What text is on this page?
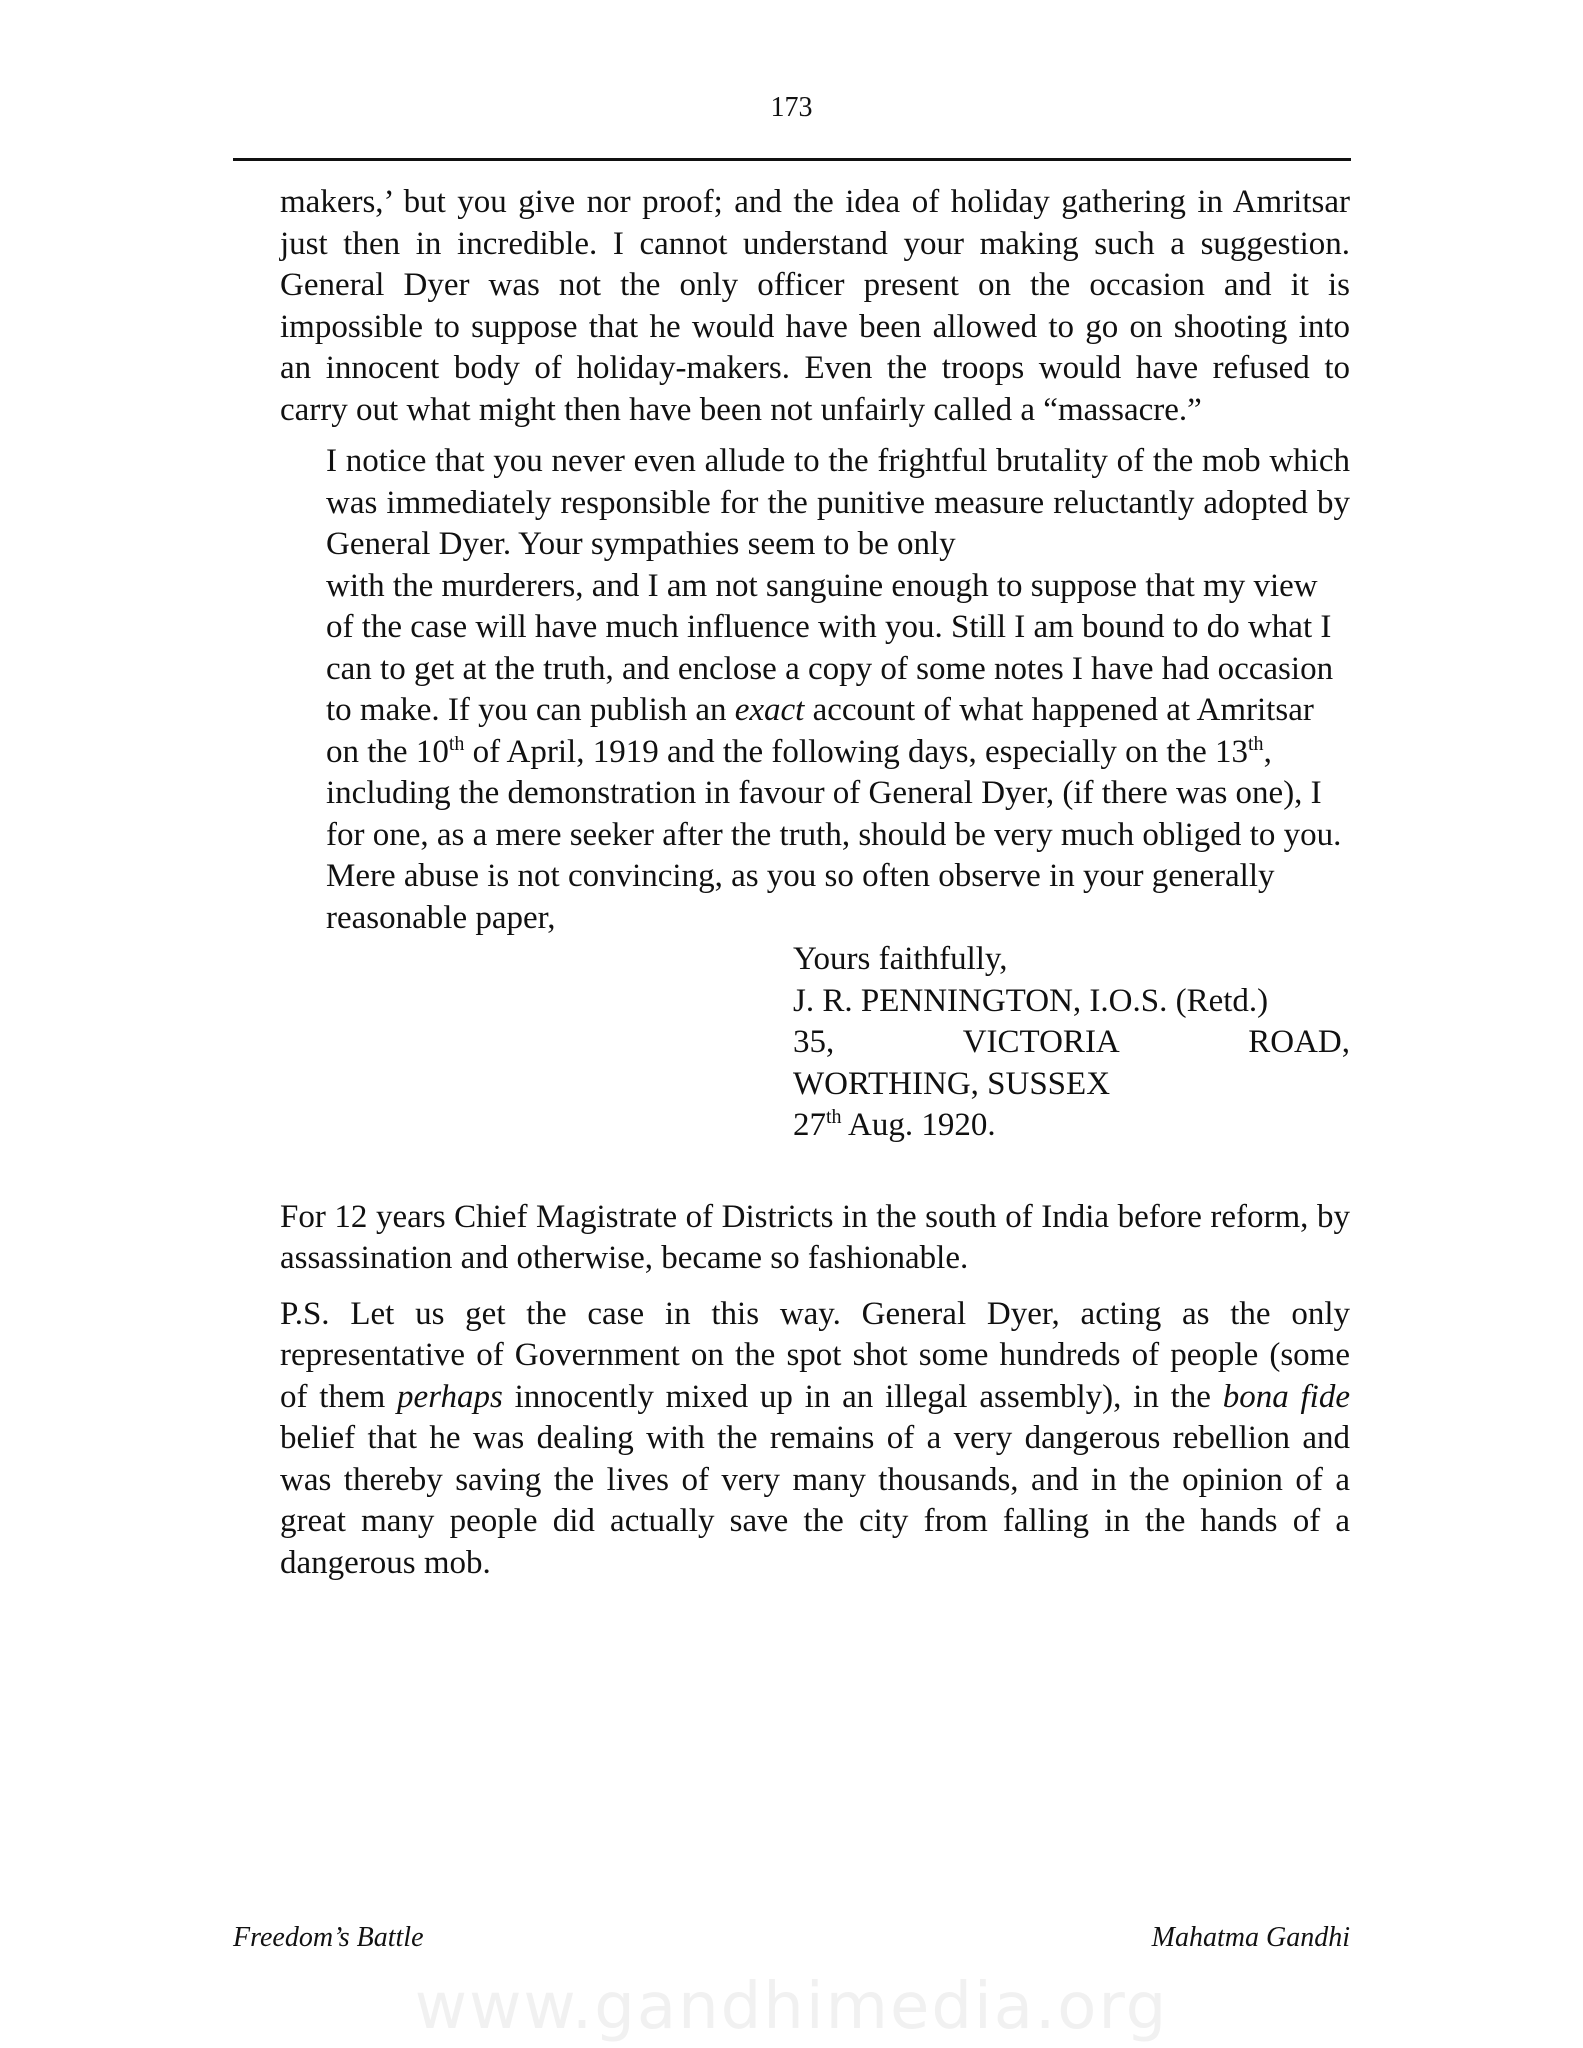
173

makers,’ but you give nor proof; and the idea of holiday gathering in Amritsar just then in incredible. I cannot understand your making such a suggestion. General Dyer was not the only officer present on the occasion and it is impossible to suppose that he would have been allowed to go on shooting into an innocent body of holiday-makers. Even the troops would have refused to carry out what might then have been not unfairly called a “massacre.”

I notice that you never even allude to the frightful brutality of the mob which was immediately responsible for the punitive measure reluctantly adopted by General Dyer. Your sympathies seem to be only

with the murderers, and I am not sanguine enough to suppose that my view of the case will have much influence with you. Still I am bound to do what I can to get at the truth, and enclose a copy of some notes I have had occasion to make. If you can publish an exact account of what happened at Amritsar on the 10th of April, 1919 and the following days, especially on the 13th, including the demonstration in favour of General Dyer, (if there was one), I for one, as a mere seeker after the truth, should be very much obliged to you. Mere abuse is not convincing, as you so often observe in your generally reasonable paper,

Yours faithfully,
J. R. PENNINGTON, I.O.S. (Retd.)
35,	VICTORIA	ROAD,
WORTHING, SUSSEX
27th Aug. 1920.

For 12 years Chief Magistrate of Districts in the south of India before reform, by assassination and otherwise, became so fashionable.

P.S. Let us get the case in this way. General Dyer, acting as the only representative of Government on the spot shot some hundreds of people (some of them perhaps innocently mixed up in an illegal assembly), in the bona fide belief that he was dealing with the remains of a very dangerous rebellion and was thereby saving the lives of very many thousands, and in the opinion of a great many people did actually save the city from falling in the hands of a dangerous mob.

Freedom’s Battle	Mahatma Gandhi
www.gandhimedia.org
